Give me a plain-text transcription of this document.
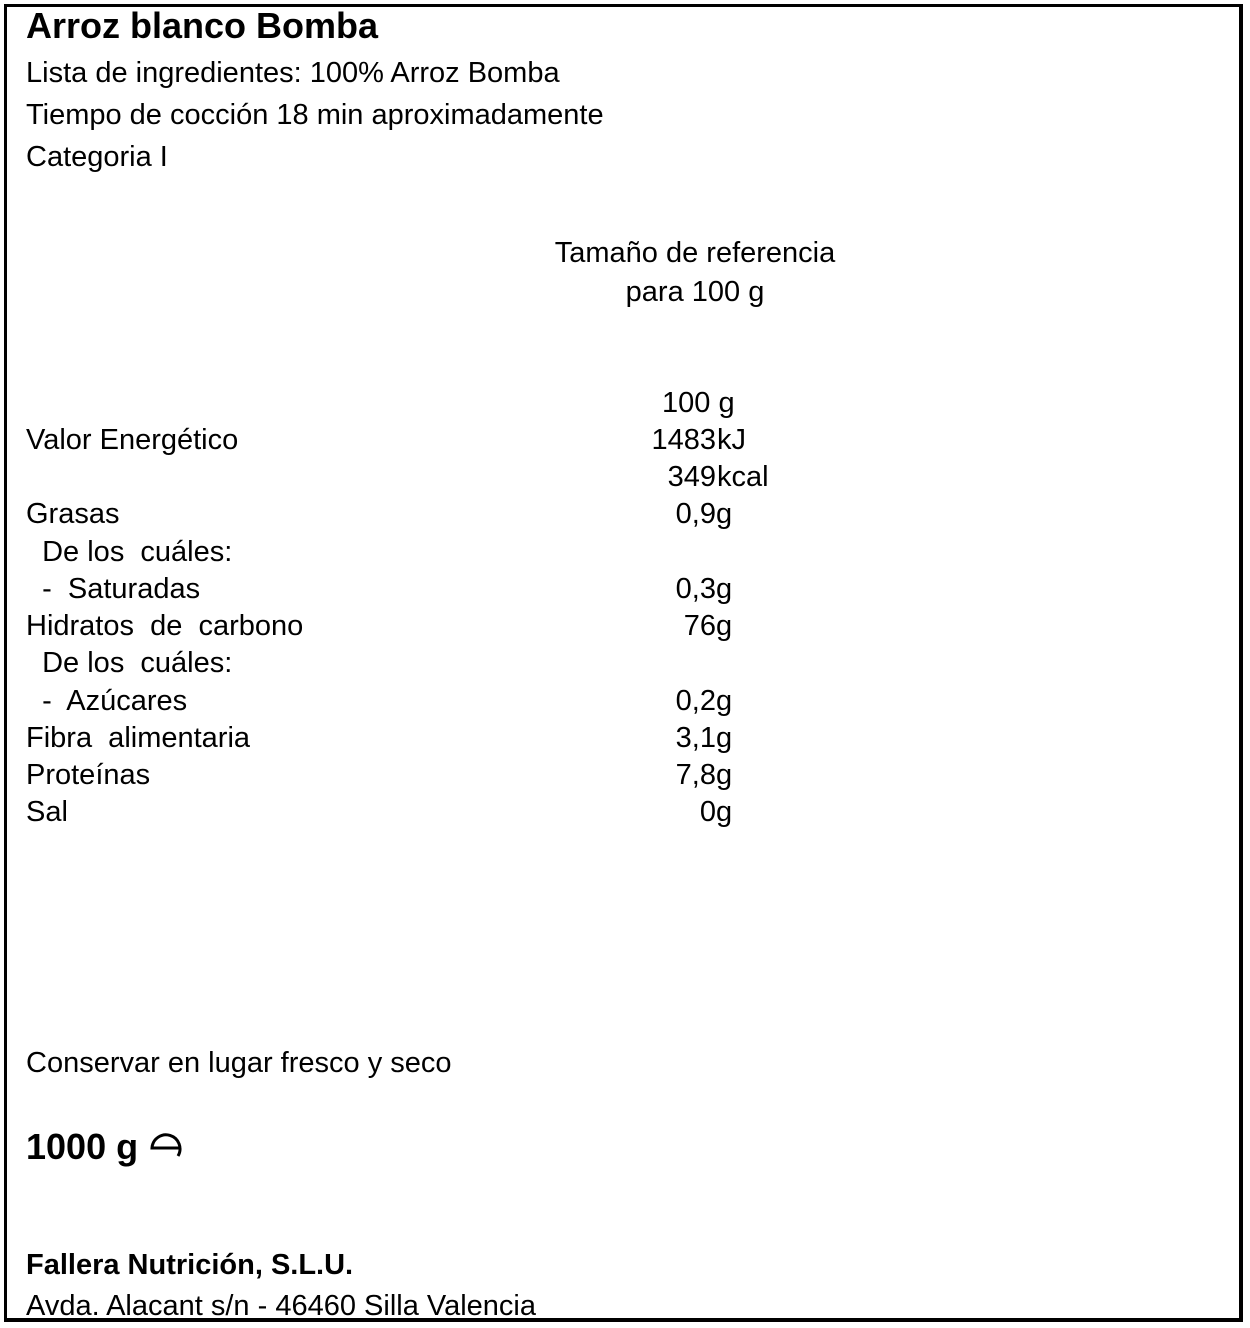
Arroz blanco Bomba
Lista de ingredientes: 100% Arroz Bomba
Tiempo de cocción 18 min aproximadamente
Categoria I
Tamaño de referencia
para 100 g
100 g
Valor Energético	1483 kJ
349 kcal
Grasas	0,9 g
De los  cuáles:
-  Saturadas	0,3 g
Hidratos  de  carbono	76 g
De los  cuáles:
-  Azúcares	0,2 g
Fibra  alimentaria	3,1 g
Proteínas	7,8 g
Sal	0 g
Conservar en lugar fresco y seco
1000 g
Fallera Nutrición, S.L.U.
Avda. Alacant s/n - 46460 Silla Valencia
